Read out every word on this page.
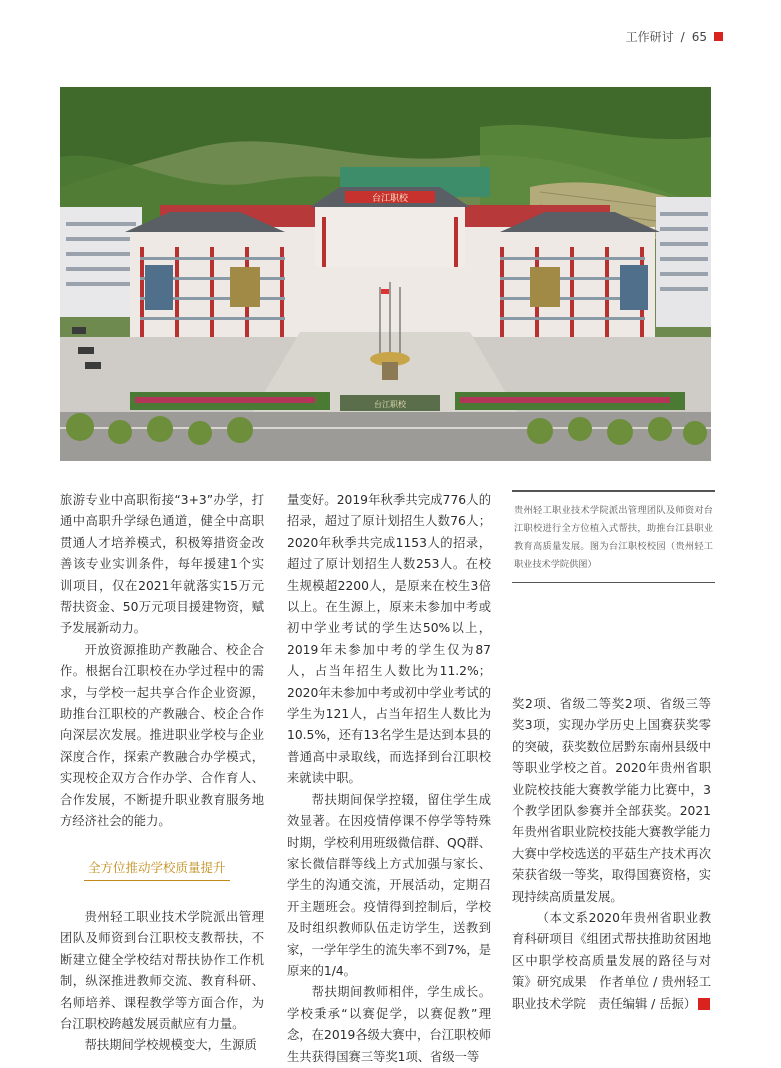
工作研讨 / 65
台江职校
台江职校
贵州轻工职业技术学院派出管理团队及师资对台江职校进行全方位植入式帮扶，助推台江县职业教育高质量发展。图为台江职校校园（贵州轻工职业技术学院供图）

旅游专业中高职衔接“3+3”办学，打通中高职升学绿色通道，健全中高职贯通人才培养模式，积极筹措资金改善该专业实训条件，每年援建1个实训项目，仅在2021年就落实15万元帮扶资金、50万元项目援建物资，赋予发展新动力。

开放资源推助产教融合、校企合作。根据台江职校在办学过程中的需求，与学校一起共享合作企业资源，助推台江职校的产教融合、校企合作向深层次发展。推进职业学校与企业深度合作，探索产教融合办学模式，实现校企双方合作办学、合作育人、合作发展，不断提升职业教育服务地方经济社会的能力。

全方位推动学校质量提升

贵州轻工职业技术学院派出管理团队及师资到台江职校支教帮扶，不断建立健全学校结对帮扶协作工作机制，纵深推进教师交流、教育科研、名师培养、课程教学等方面合作，为台江职校跨越发展贡献应有力量。

帮扶期间学校规模变大，生源质

量变好。2019年秋季共完成776人的招录，超过了原计划招生人数76人；2020年秋季共完成1153人的招录，超过了原计划招生人数253人。在校生规模超2200人，是原来在校生3倍以上。在生源上，原来未参加中考或初中学业考试的学生达50%以上，2019年未参加中考的学生仅为87人，占当年招生人数比为11.2%；2020年未参加中考或初中学业考试的学生为121人，占当年招生人数比为10.5%，还有13名学生是达到本县的普通高中录取线，而选择到台江职校来就读中职。

帮扶期间保学控辍，留住学生成效显著。在因疫情停课不停学等特殊时期，学校利用班级微信群、QQ群、家长微信群等线上方式加强与家长、学生的沟通交流，开展活动，定期召开主题班会。疫情得到控制后，学校及时组织教师队伍走访学生，送教到家，一学年学生的流失率不到7%，是原来的1/4。

帮扶期间教师相伴，学生成长。学校秉承“以赛促学，以赛促教”理念，在2019各级大赛中，台江职校师生共获得国赛三等奖1项、省级一等

奖2项、省级二等奖2项、省级三等奖3项，实现办学历史上国赛获奖零的突破，获奖数位居黔东南州县级中等职业学校之首。2020年贵州省职业院校技能大赛教学能力比赛中，3个教学团队参赛并全部获奖。2021年贵州省职业院校技能大赛教学能力大赛中学校选送的平菇生产技术再次荣获省级一等奖，取得国赛资格，实现持续高质量发展。

（本文系2020年贵州省职业教育科研项目《组团式帮扶推助贫困地区中职学校高质量发展的路径与对策》研究成果　作者单位 / 贵州轻工职业技术学院　责任编辑 / 岳振）	D
